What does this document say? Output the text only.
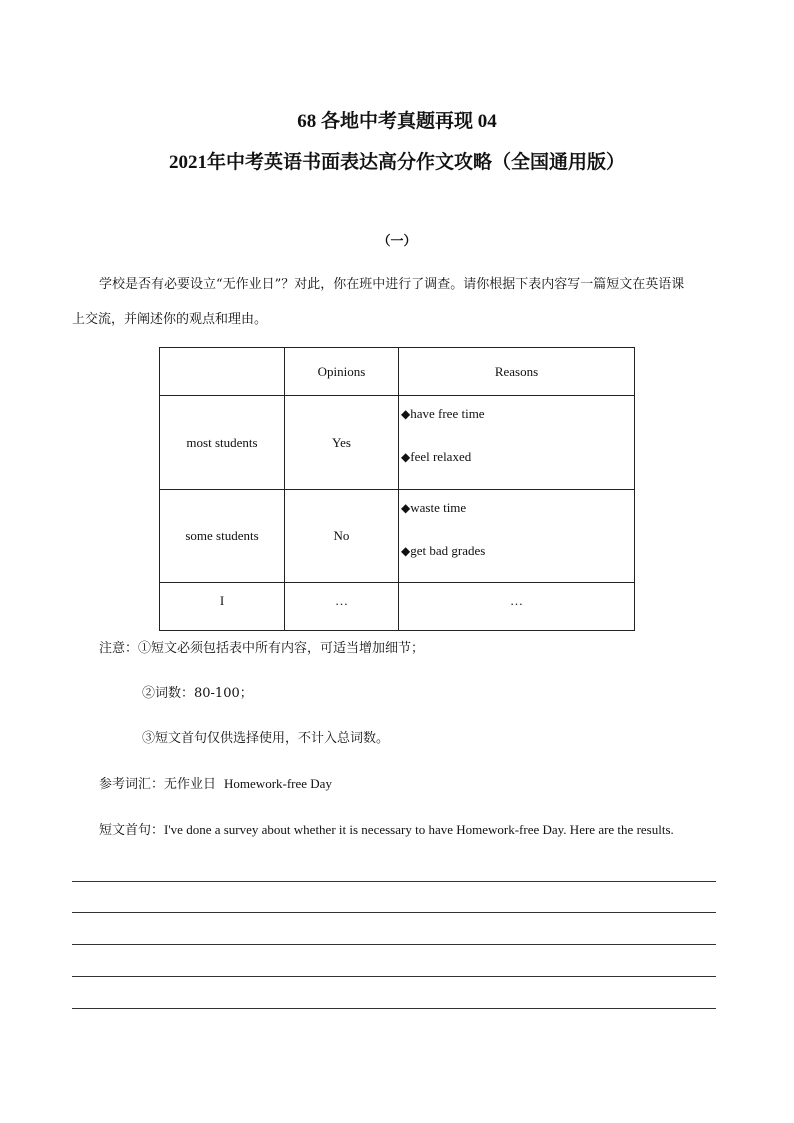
68 各地中考真题再现 04
2021年中考英语书面表达高分作文攻略（全国通用版）
（一）
学校是否有必要设立“无作业日”？对此，你在班中进行了调查。请你根据下表内容写一篇短文在英语课
上交流，并阐述你的观点和理由。
	Opinions	Reasons
most students	Yes	◆have free time
◆feel relaxed

some students	No	◆waste time
◆get bad grades

I	…	…
注意：①短文必须包括表中所有内容，可适当增加细节；
②词数：80-100；
③短文首句仅供选择使用，不计入总词数。
参考词汇：无作业日 Homework-free Day
短文首句：I've done a survey about whether it is necessary to have Homework-free Day. Here are the results.
